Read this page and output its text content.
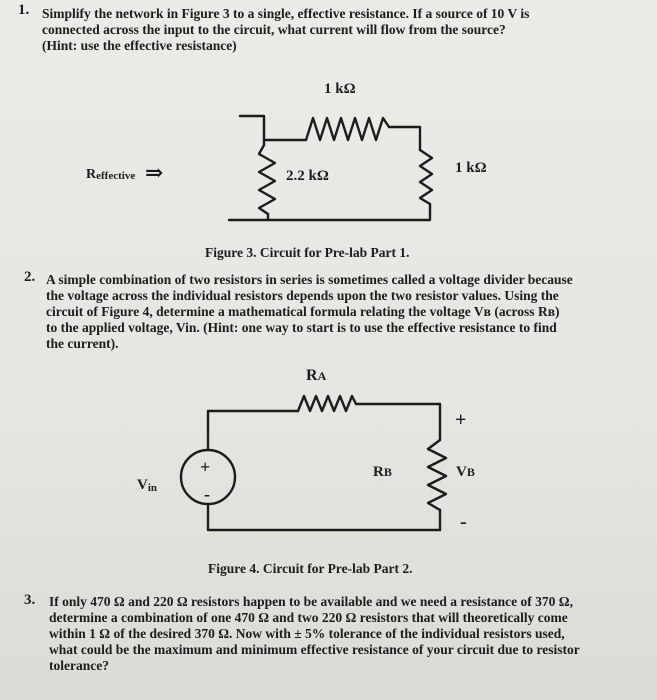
1. Simplify the network in Figure 3 to a single, effective resistance. If a source of 10 V is

connected across the input to the circuit, what current will flow from the source?

(Hint: use the effective resistance)

1 kΩ
2.2 kΩ	1 kΩ
Reffective ⇒
Figure 3. Circuit for Pre-lab Part 1.
2. A simple combination of two resistors in series is sometimes called a voltage divider because

the voltage across the individual resistors depends upon the two resistor values. Using the

circuit of Figure 4, determine a mathematical formula relating the voltage Vʙ (across Rʙ)

to the applied voltage, Vin. (Hint: one way to start is to use the effective resistance to find

the current).

RA
RB	VB
Vin
+
-
+
-
Figure 4. Circuit for Pre-lab Part 2.
3. If only 470 Ω and 220 Ω resistors happen to be available and we need a resistance of 370 Ω,

determine a combination of one 470 Ω and two 220 Ω resistors that will theoretically come

within 1 Ω of the desired 370 Ω. Now with ± 5% tolerance of the individual resistors used,

what could be the maximum and minimum effective resistance of your circuit due to resistor

tolerance?
